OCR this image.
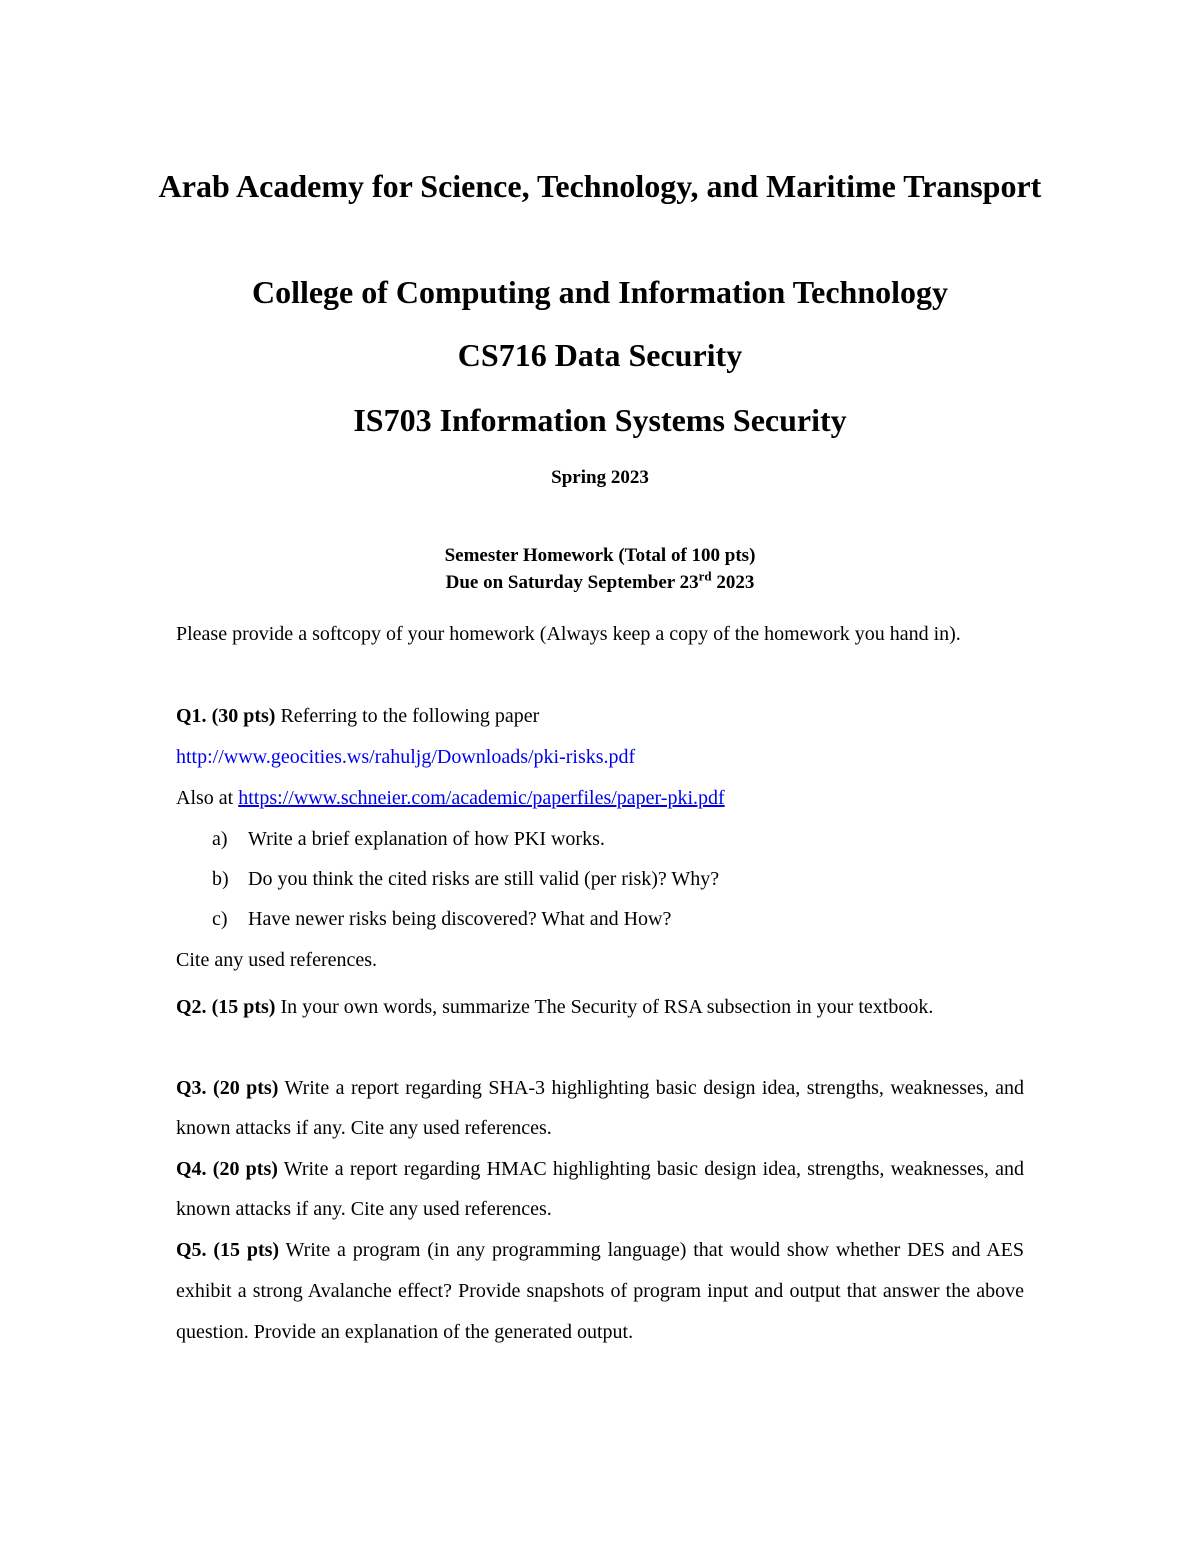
Arab Academy for Science, Technology, and Maritime Transport
College of Computing and Information Technology
CS716 Data Security
IS703 Information Systems Security
Spring 2023
Semester Homework (Total of 100 pts)
Due on Saturday September 23rd 2023
Please provide a softcopy of your homework (Always keep a copy of the homework you hand in).
Q1. (30 pts) Referring to the following paper
http://www.geocities.ws/rahuljg/Downloads/pki-risks.pdf
Also at https://www.schneier.com/academic/paperfiles/paper-pki.pdf
a) Write a brief explanation of how PKI works.
b) Do you think the cited risks are still valid (per risk)? Why?
c) Have newer risks being discovered? What and How?
Cite any used references.
Q2. (15 pts) In your own words, summarize The Security of RSA subsection in your textbook.
Q3. (20 pts) Write a report regarding SHA-3 highlighting basic design idea, strengths, weaknesses, and known attacks if any. Cite any used references.
Q4. (20 pts) Write a report regarding HMAC highlighting basic design idea, strengths, weaknesses, and known attacks if any. Cite any used references.
Q5. (15 pts) Write a program (in any programming language) that would show whether DES and AES exhibit a strong Avalanche effect? Provide snapshots of program input and output that answer the above question. Provide an explanation of the generated output.
